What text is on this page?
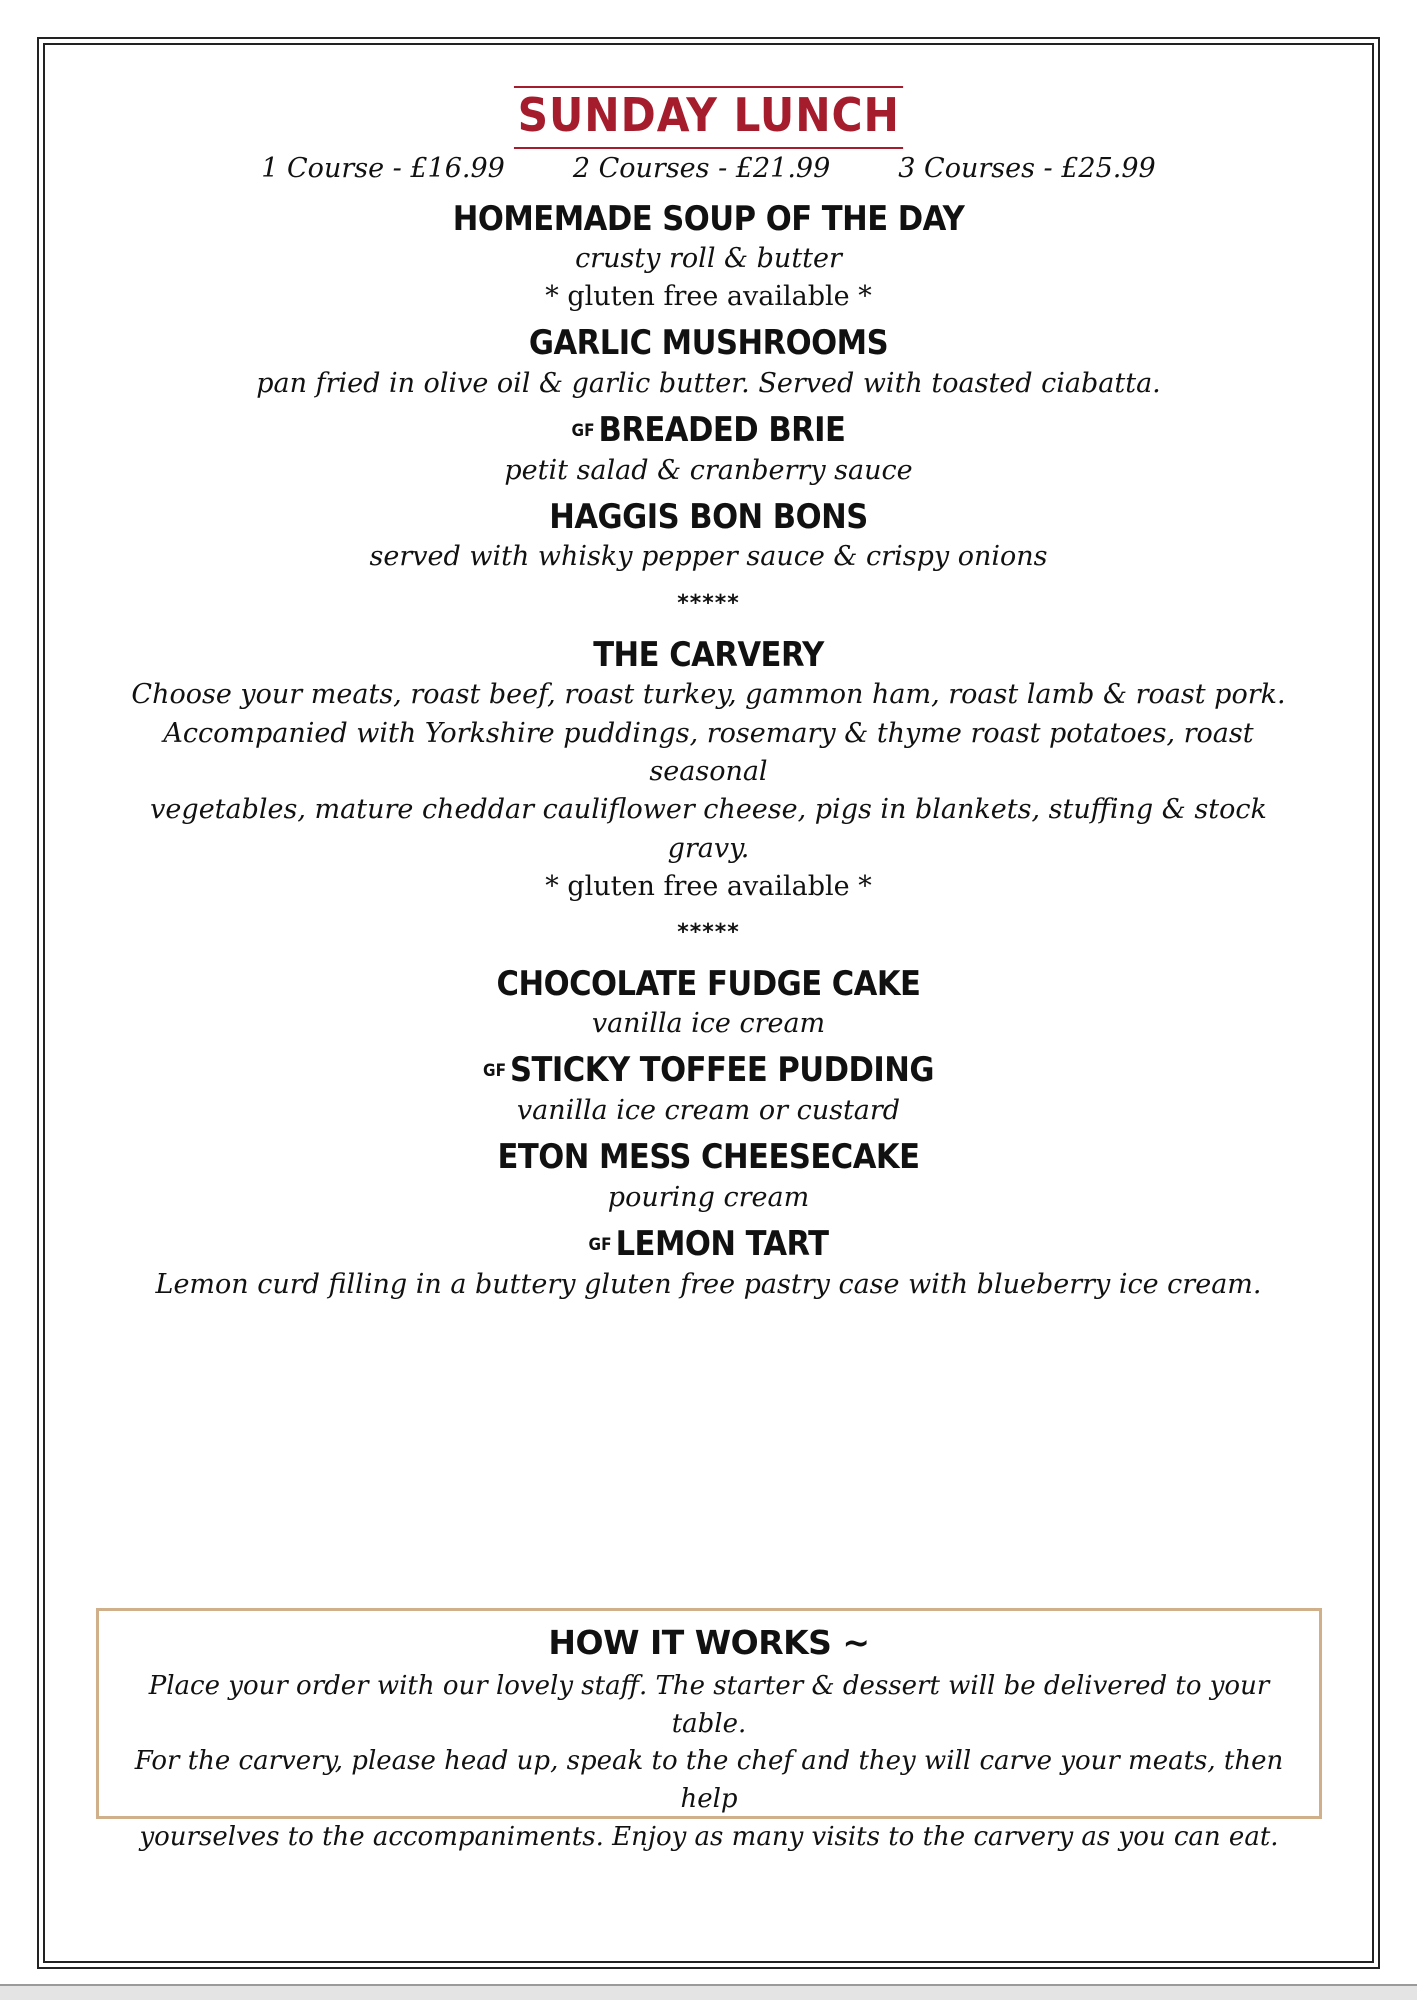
SUNDAY LUNCH
1 Course - £16.99	2 Courses - £21.99	3 Courses - £25.99
HOMEMADE SOUP OF THE DAY
crusty roll & butter
* gluten free available *
GARLIC MUSHROOMS
pan fried in olive oil & garlic butter. Served with toasted ciabatta.
GF BREADED BRIE
petit salad & cranberry sauce
HAGGIS BON BONS
served with whisky pepper sauce & crispy onions
*****
THE CARVERY
Choose your meats, roast beef, roast turkey, gammon ham, roast lamb & roast pork.
Accompanied with Yorkshire puddings, rosemary & thyme roast potatoes, roast seasonal
vegetables, mature cheddar cauliflower cheese, pigs in blankets, stuffing & stock gravy.
* gluten free available *
*****
CHOCOLATE FUDGE CAKE
vanilla ice cream
GF STICKY TOFFEE PUDDING
vanilla ice cream or custard
ETON MESS CHEESECAKE
pouring cream
GF LEMON TART
Lemon curd filling in a buttery gluten free pastry case with blueberry ice cream.
HOW IT WORKS ~
Place your order with our lovely staff. The starter & dessert will be delivered to your table.
For the carvery, please head up, speak to the chef and they will carve your meats, then help
yourselves to the accompaniments. Enjoy as many visits to the carvery as you can eat.
